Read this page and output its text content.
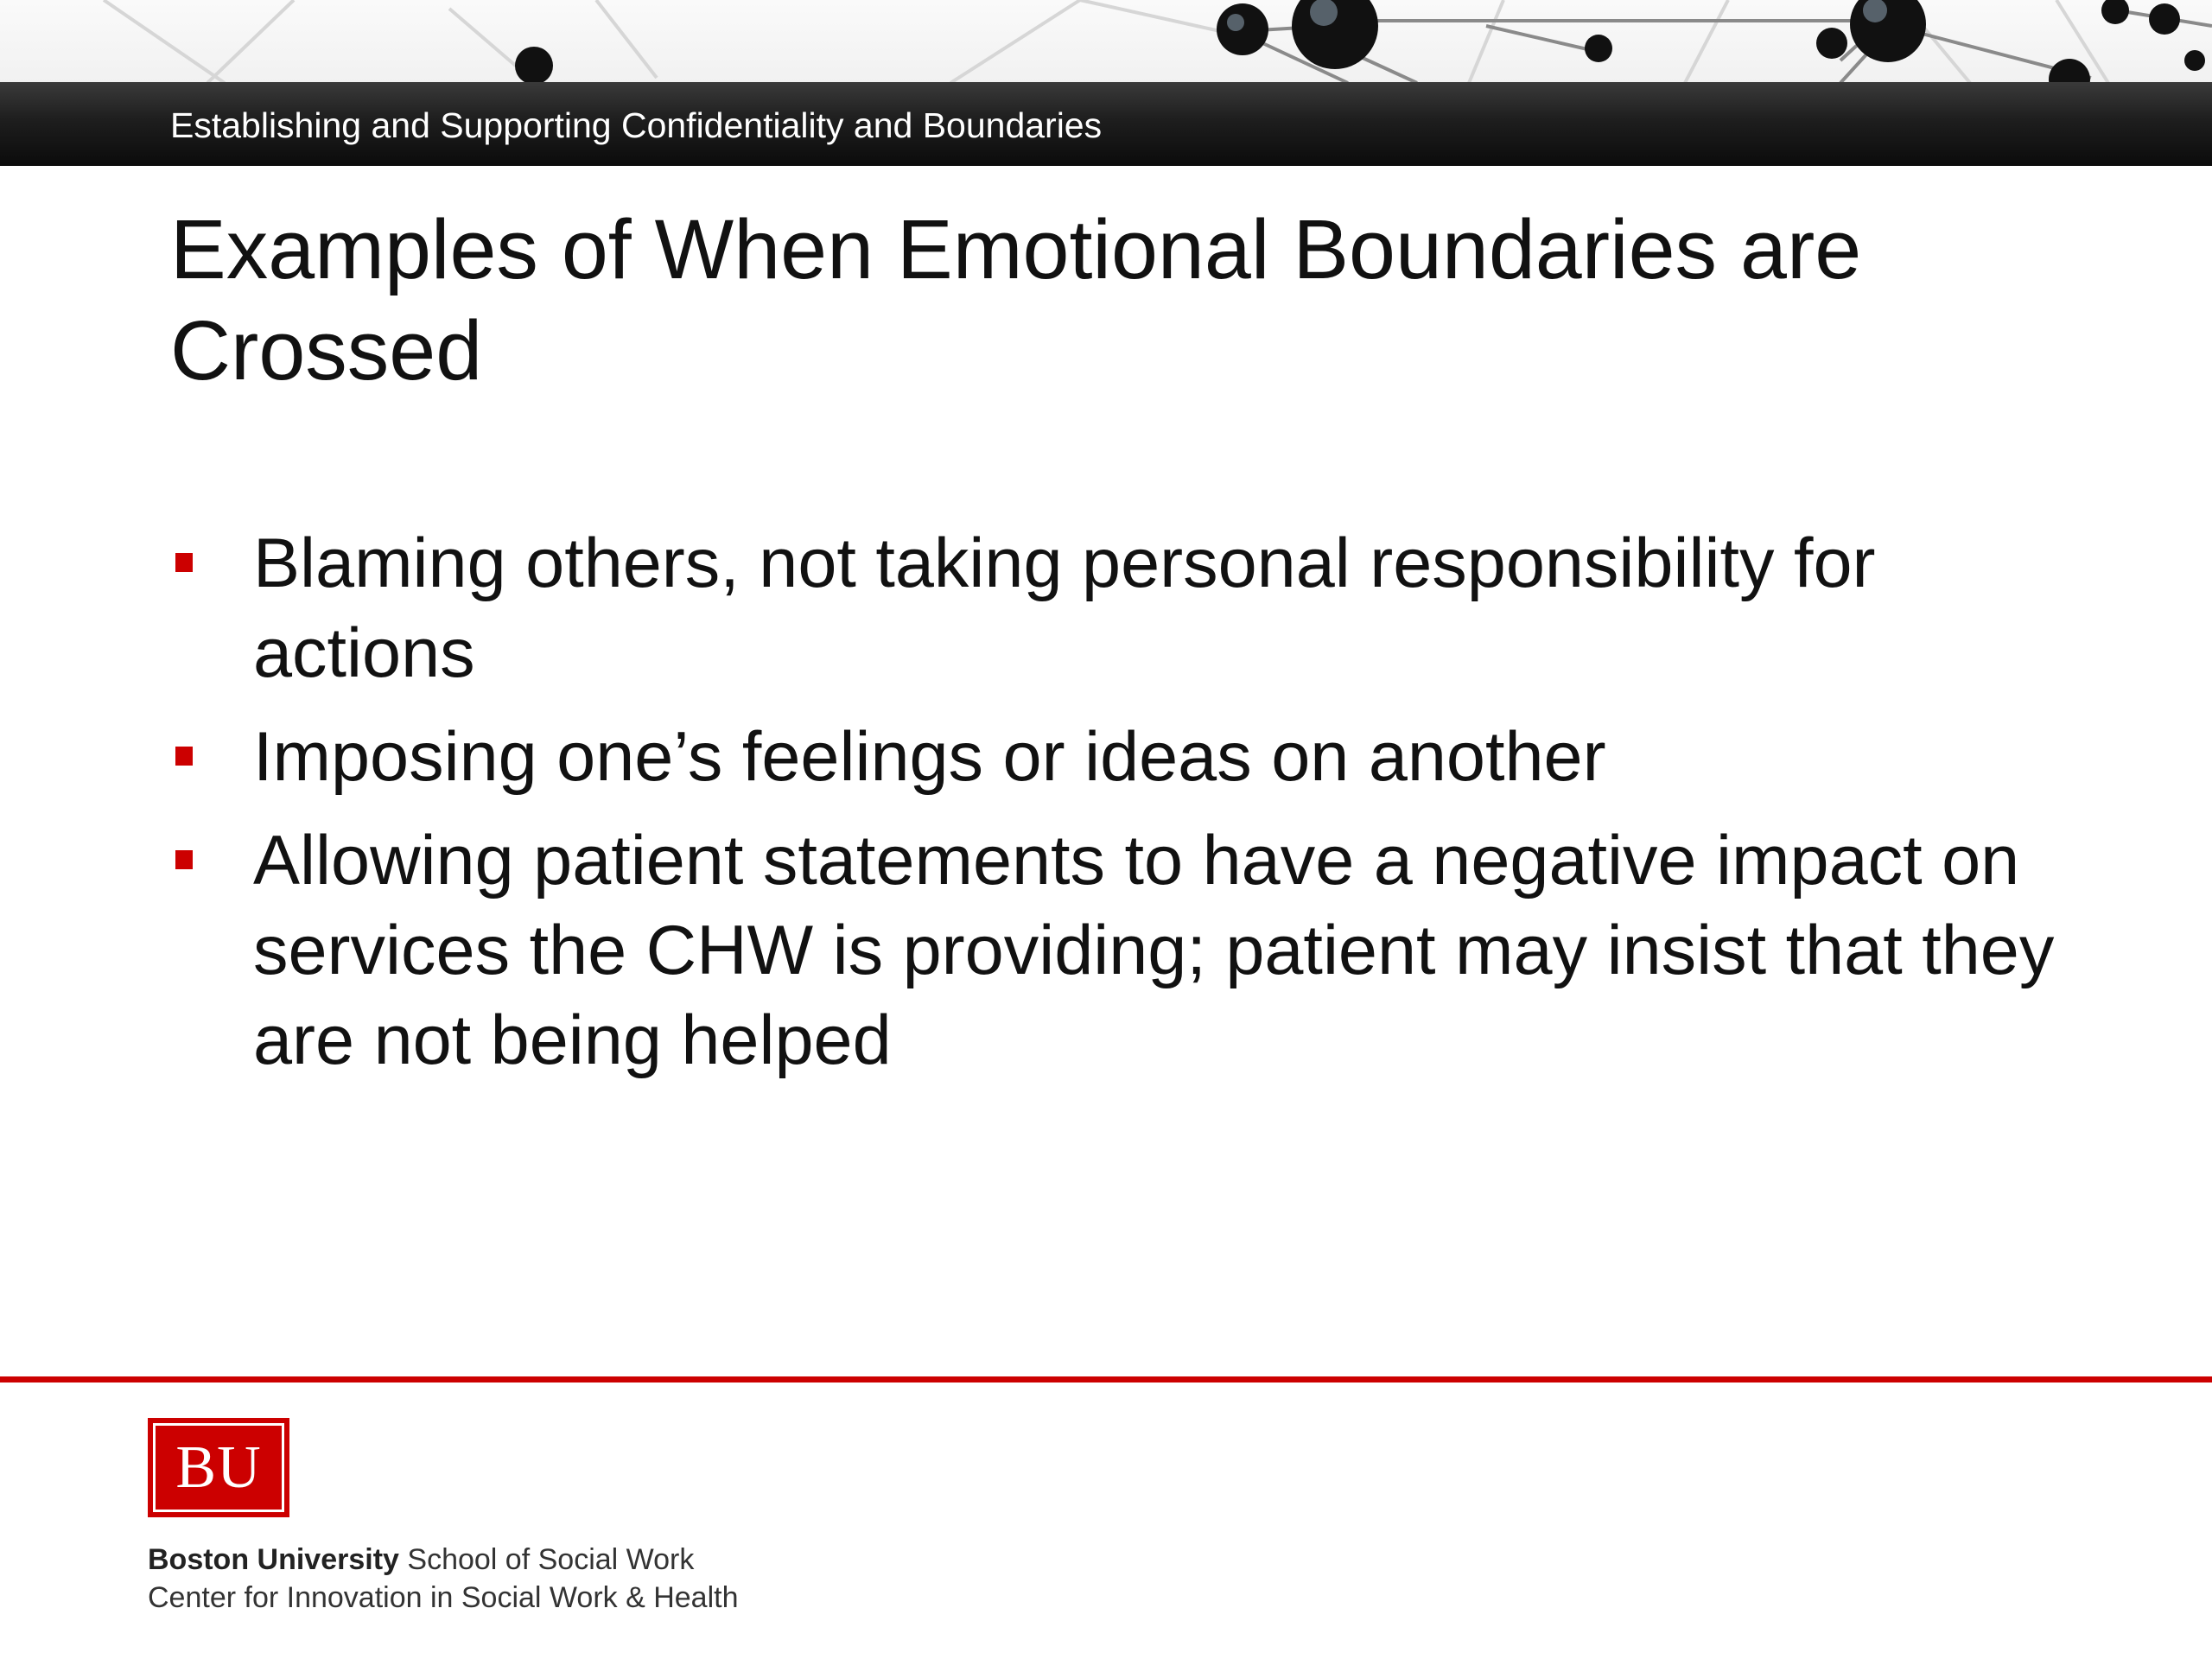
Establishing and Supporting Confidentiality and Boundaries
Examples of When Emotional Boundaries are Crossed
Blaming others, not taking personal responsibility for actions
Imposing one’s feelings or ideas on another
Allowing patient statements to have a negative impact on services the CHW is providing; patient may insist that they are not being helped
BU
Boston University School of Social Work
Center for Innovation in Social Work & Health
